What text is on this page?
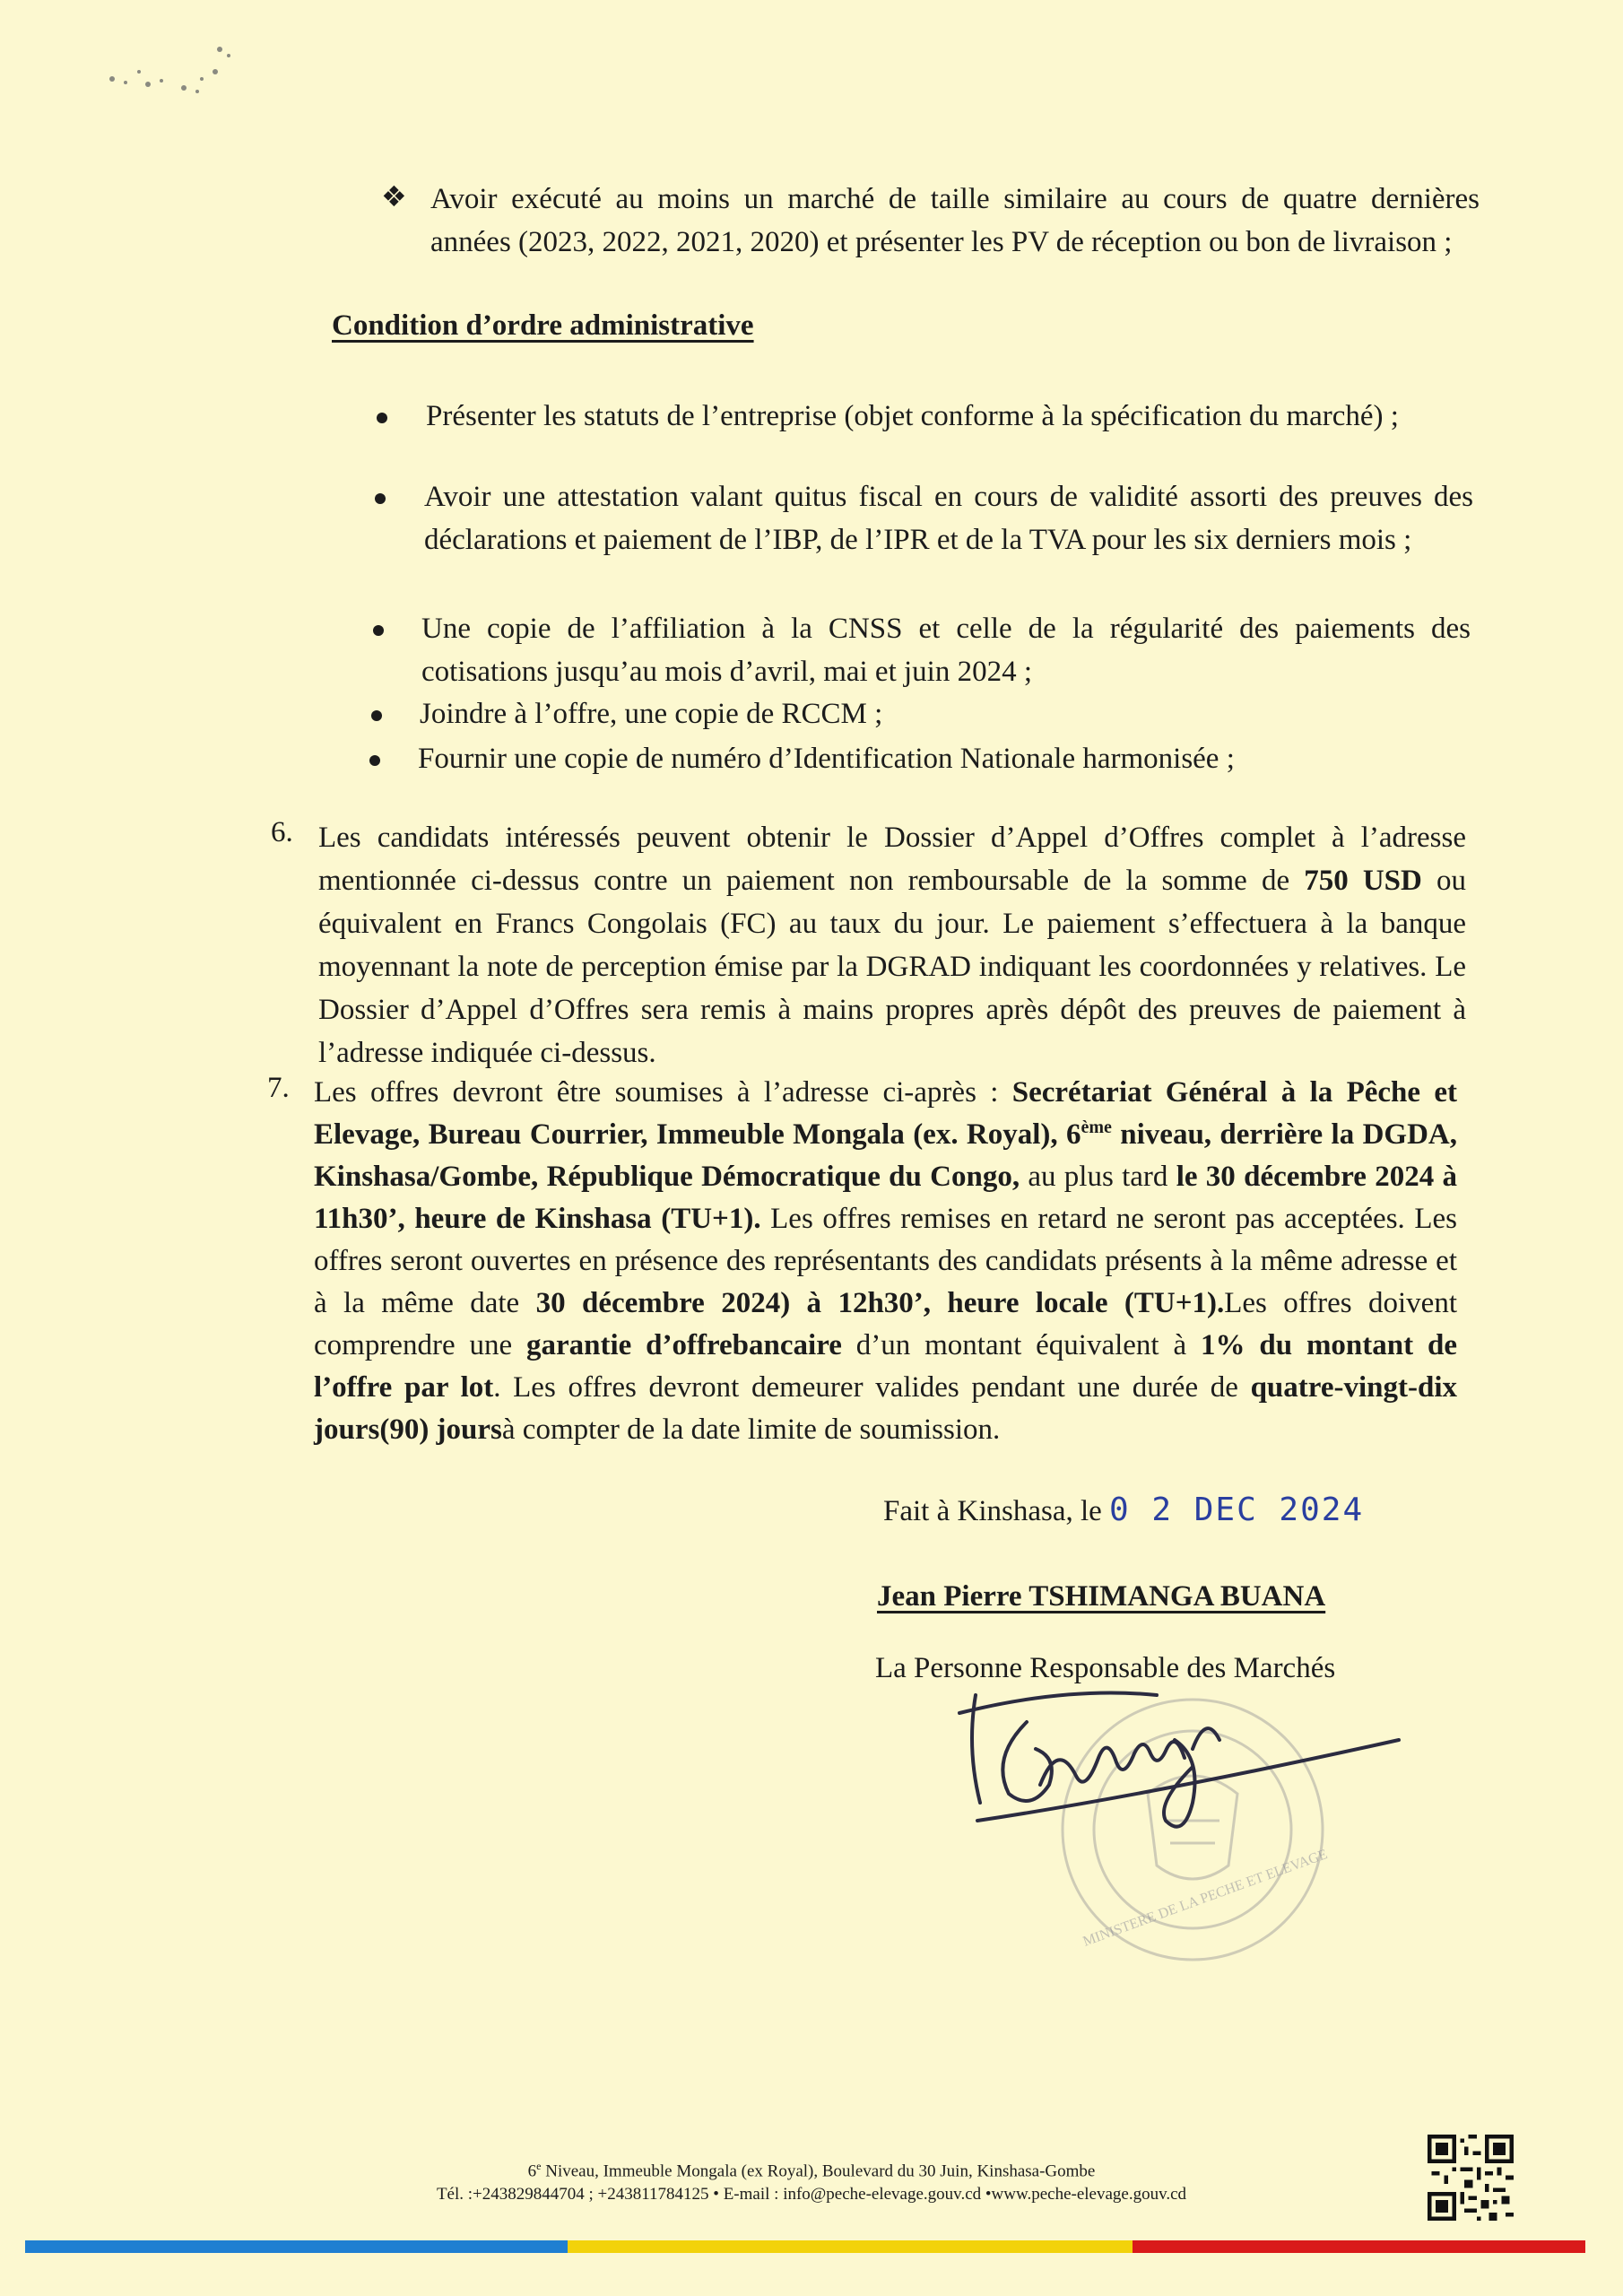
❖ Avoir exécuté au moins un marché de taille similaire au cours de quatre dernières années (2023, 2022, 2021, 2020) et présenter les PV de réception ou bon de livraison ;
Condition d’ordre administrative
Présenter les statuts de l’entreprise (objet conforme à la spécification du marché) ;
Avoir une attestation valant quitus fiscal en cours de validité assorti des preuves des déclarations et paiement de l’IBP, de l’IPR et de la TVA pour les six derniers mois ;
Une copie de l’affiliation à la CNSS et celle de la régularité des paiements des cotisations jusqu’au mois d’avril, mai et juin 2024 ;
Joindre à l’offre, une copie de RCCM ;
Fournir une copie de numéro d’Identification Nationale harmonisée ;
6. Les candidats intéressés peuvent obtenir le Dossier d’Appel d’Offres complet à l’adresse mentionnée ci-dessus contre un paiement non remboursable de la somme de 750 USD ou équivalent en Francs Congolais (FC) au taux du jour. Le paiement s’effectuera à la banque moyennant la note de perception émise par la DGRAD indiquant les coordonnées y relatives. Le Dossier d’Appel d’Offres sera remis à mains propres après dépôt des preuves de paiement à l’adresse indiquée ci-dessus.
7. Les offres devront être soumises à l’adresse ci-après : Secrétariat Général à la Pêche et Elevage, Bureau Courrier, Immeuble Mongala (ex. Royal), 6ème niveau, derrière la DGDA, Kinshasa/Gombe, République Démocratique du Congo, au plus tard le 30 décembre 2024 à 11h30’, heure de Kinshasa (TU+1). Les offres remises en retard ne seront pas acceptées. Les offres seront ouvertes en présence des représentants des candidats présents à la même adresse et à la même date 30 décembre 2024) à 12h30’, heure locale (TU+1).Les offres doivent comprendre une garantie d’offrebancaire d’un montant équivalent à 1% du montant de l’offre par lot. Les offres devront demeurer valides pendant une durée de quatre-vingt-dix jours(90) joursà compter de la date limite de soumission.
Fait à Kinshasa, le 0 2 DEC 2024
Jean Pierre TSHIMANGA BUANA
La Personne Responsable des Marchés
MINISTERE DE LA PECHE ET ELEVAGE
6e Niveau, Immeuble Mongala (ex Royal), Boulevard du 30 Juin, Kinshasa-Gombe
Tél. :+243829844704 ; +243811784125 • E-mail : info@peche-elevage.gouv.cd •www.peche-elevage.gouv.cd
